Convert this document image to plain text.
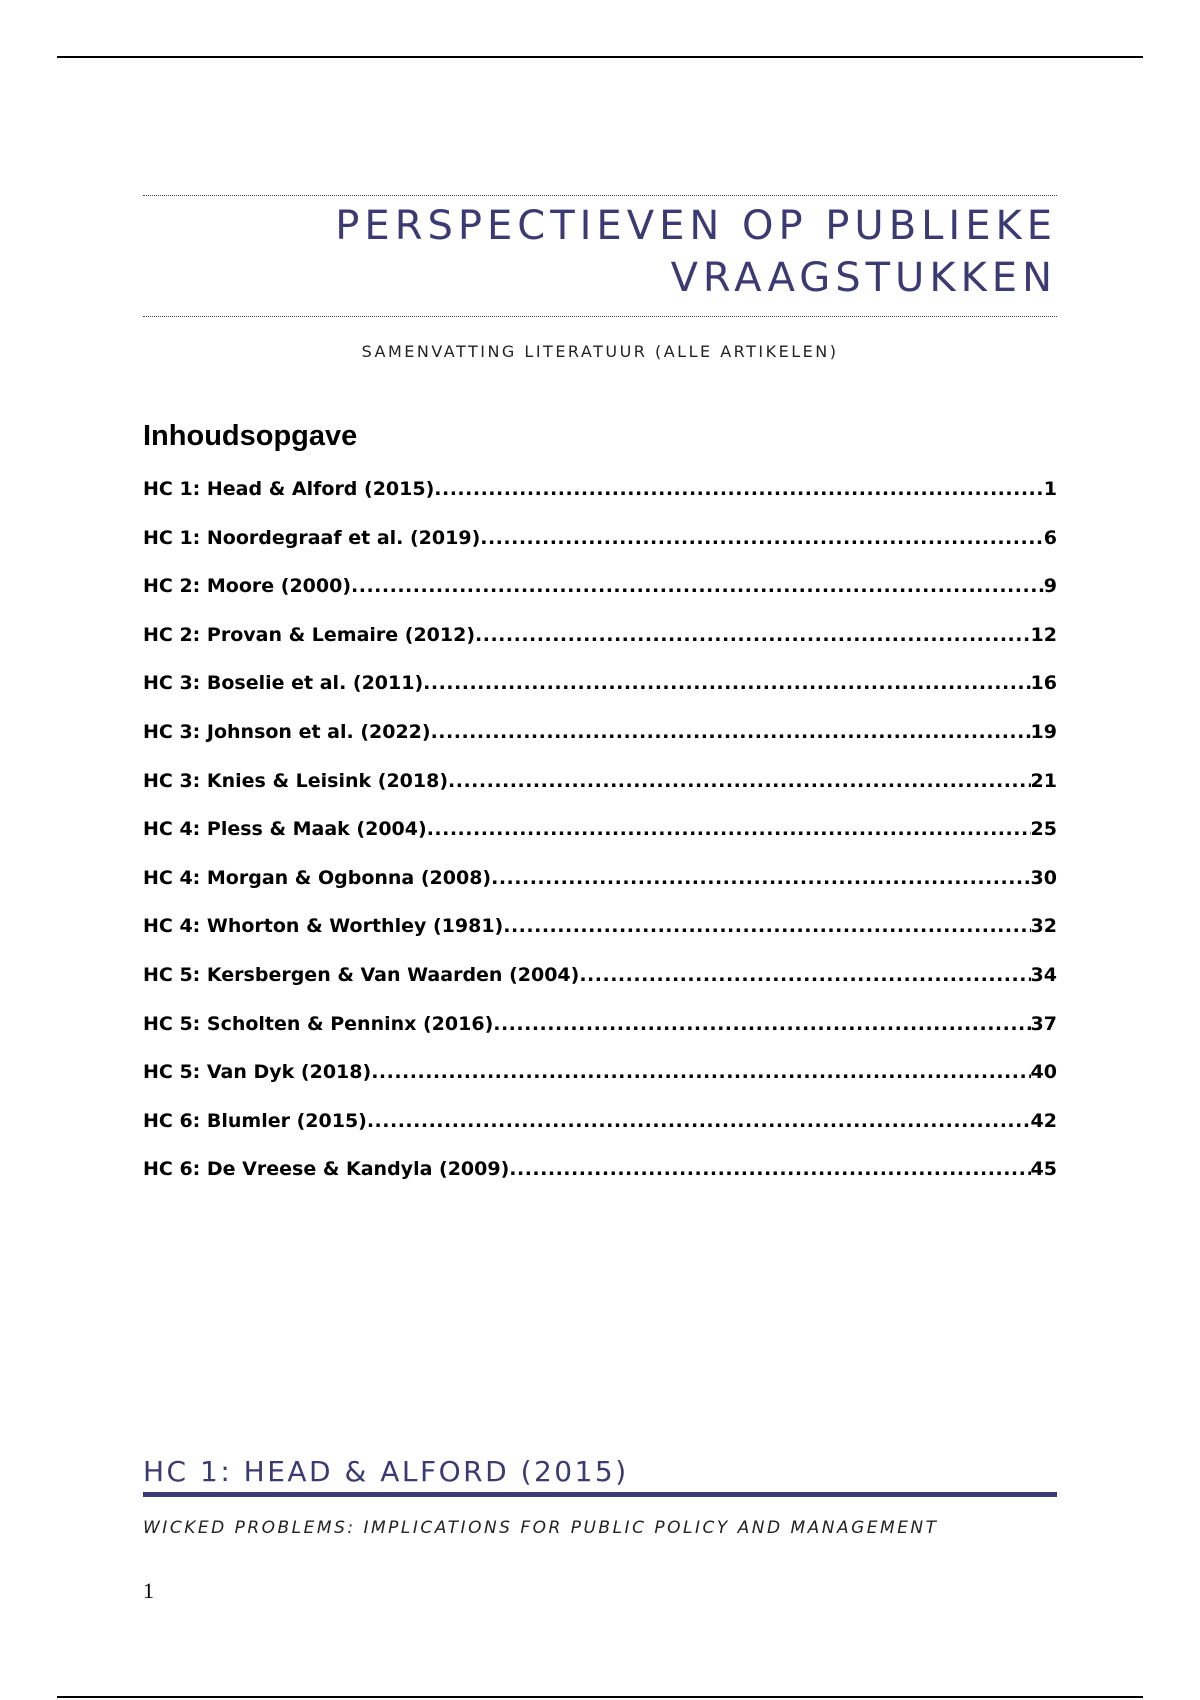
PERSPECTIEVEN OP PUBLIEKE
VRAAGSTUKKEN
SAMENVATTING LITERATUUR (ALLE ARTIKELEN)
Inhoudsopgave
HC 1: Head & Alford (2015) .....	1
HC 1: Noordegraaf et al. (2019) .....	6
HC 2: Moore (2000) .....	9
HC 2: Provan & Lemaire (2012) .....	12
HC 3: Boselie et al. (2011) .....	16
HC 3: Johnson et al. (2022) .....	19
HC 3: Knies & Leisink (2018) .....	21
HC 4: Pless & Maak (2004) .....	25
HC 4: Morgan & Ogbonna (2008) .....	30
HC 4: Whorton & Worthley (1981) .....	32
HC 5: Kersbergen & Van Waarden (2004) .....	34
HC 5: Scholten & Penninx (2016) .....	37
HC 5: Van Dyk (2018) .....	40
HC 6: Blumler (2015) .....	42
HC 6: De Vreese & Kandyla (2009) .....	45
HC 1: HEAD & ALFORD (2015)
WICKED PROBLEMS: IMPLICATIONS FOR PUBLIC POLICY AND MANAGEMENT
1
